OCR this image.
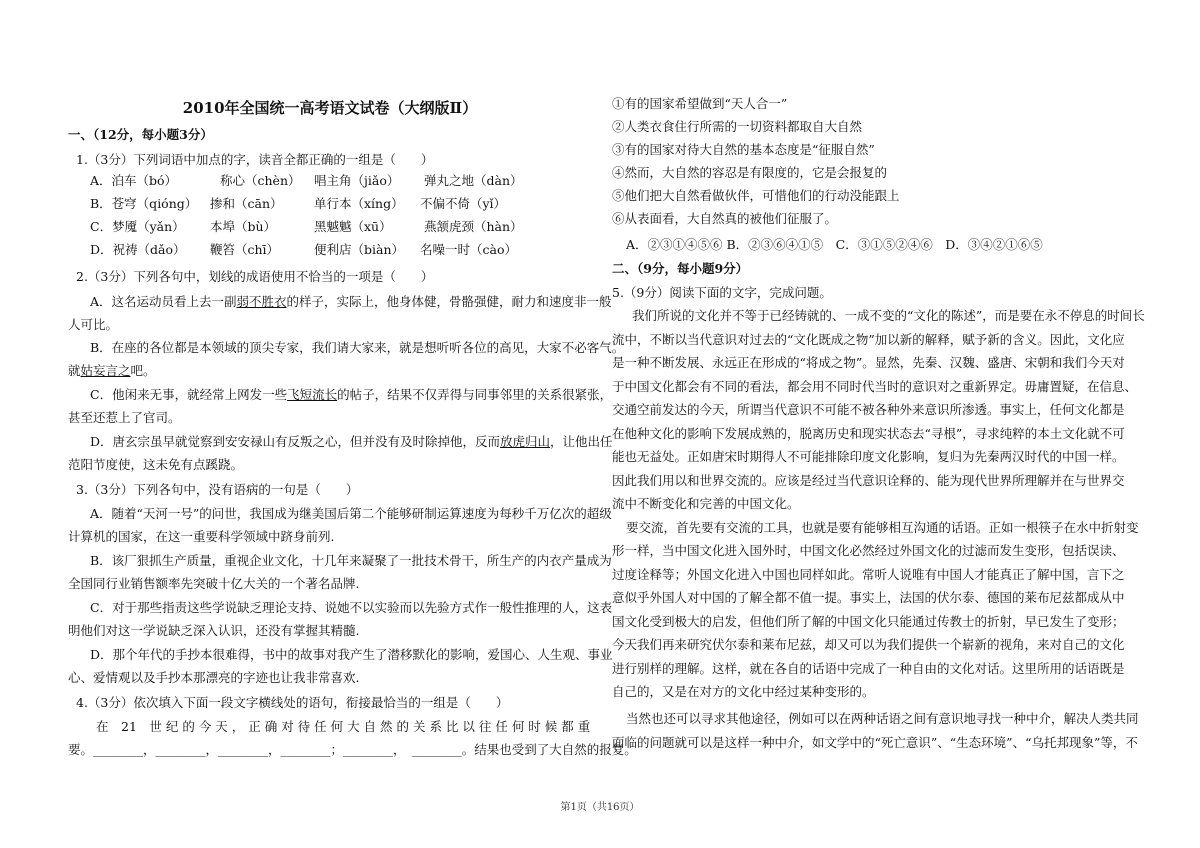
2010年全国统一高考语文试卷（大纲版Ⅱ）
一、（12分，每小题3分）
1.（3分）下列词语中加点的字，读音全都正确的一组是（　　）
A．泊车（bó）	称心（chèn） 唱主角（jiǎo） 弹丸之地（dàn）
B．苍穹（qióng） 掺和（cān）	单行本（xíng） 不偏不倚（yǐ）
C．梦魇（yǎn） 本埠（bù）	黑魆魆（xū）	燕颔虎颈（hàn）
D．祝祷（dǎo） 鞭笞（chī）	便利店（biàn） 名噪一时（cào）
2.（3分）下列各句中，划线的成语使用不恰当的一项是（　　）
A．这名运动员看上去一副弱不胜衣的样子，实际上，他身体健，骨骼强健，耐力和速度非一般
人可比。
B．在座的各位都是本领域的顶尖专家，我们请大家来，就是想听听各位的高见，大家不必客气。
就姑妄言之吧。
C．他闲来无事，就经常上网发一些飞短流长的帖子，结果不仅弄得与同事邻里的关系很紧张，
甚至还惹上了官司。
D．唐玄宗虽早就觉察到安安禄山有反叛之心，但并没有及时除掉他，反而放虎归山，让他出任
范阳节度使，这未免有点蹊跷。
3.（3分）下列各句中，没有语病的一句是（　　）
A．随着“天河一号”的问世，我国成为继美国后第二个能够研制运算速度为每秒千万亿次的超级
计算机的国家，在这一重要科学领域中跻身前列.
B．该厂狠抓生产质量，重视企业文化，十几年来凝聚了一批技术骨干，所生产的内衣产量成为
全国同行业销售额率先突破十亿大关的一个著名品牌.
C．对于那些指责这些学说缺乏理论支持、说她不以实验而以先验方式作一般性推理的人，这表
明他们对这一学说缺乏深入认识，还没有掌握其精髓.
D．那个年代的手抄本很难得，书中的故事对我产生了潜移默化的影响，爱国心、人生观、事业
心、爱情观以及手抄本那漂亮的字迹也让我非常喜欢.
4.（3分）依次填入下面一段文字横线处的语句，衔接最恰当的一组是（　　）
在　21　世 纪 的 今 天 ， 正 确 对 待 任 何 大 自 然 的 关 系 比 以 往 任 何 时 候 都 重
要。________，________，________，________；________，　________。结果也受到了大自然的报复。
①有的国家希望做到“天人合一”
②人类衣食住行所需的一切资料都取自大自然
③有的国家对待大自然的基本态度是“征服自然”
④然而，大自然的容忍是有限度的，它是会报复的
⑤他们把大自然看做伙伴，可惜他们的行动没能跟上
⑥从表面看，大自然真的被他们征服了。
A．②③①④⑤⑥ B．②③⑥④①⑤　C．③①⑤②④⑥　D．③④②①⑥⑤
二、（9分，每小题9分）
5.（9分）阅读下面的文字，完成问题。
我们所说的文化并不等于已经铸就的、一成不变的“文化的陈述”，而是要在永不停息的时间长
流中，不断以当代意识对过去的“文化既成之物”加以新的解释，赋予新的含义。因此，文化应
是一种不断发展、永远正在形成的“将成之物”。显然，先秦、汉魏、盛唐、宋朝和我们今天对
于中国文化都会有不同的看法，都会用不同时代当时的意识对之重新界定。毋庸置疑，在信息、
交通空前发达的今天，所谓当代意识不可能不被各种外来意识所渗透。事实上，任何文化都是
在他种文化的影响下发展成熟的，脱离历史和现实状态去“寻根”，寻求纯粹的本土文化就不可
能也无益处。正如唐宋时期得人不可能排除印度文化影响，复归为先秦两汉时代的中国一样。
因此我们用以和世界交流的。应该是经过当代意识诠释的、能为现代世界所理解并在与世界交
流中不断变化和完善的中国文化。
要交流，首先要有交流的工具，也就是要有能够相互沟通的话语。正如一根筷子在水中折射变
形一样，当中国文化进入国外时，中国文化必然经过外国文化的过滤而发生变形，包括误读、
过度诠释等；外国文化进入中国也同样如此。常听人说唯有中国人才能真正了解中国，言下之
意似乎外国人对中国的了解全都不值一提。事实上，法国的伏尔泰、德国的莱布尼兹都成从中
国文化受到极大的启发，但他们所了解的中国文化只能通过传教士的折射，早已发生了变形；
今天我们再来研究伏尔泰和莱布尼兹，却又可以为我们提供一个崭新的视角，来对自己的文化
进行别样的理解。这样，就在各自的话语中完成了一种自由的文化对话。这里所用的话语既是
自己的，又是在对方的文化中经过某种变形的。
当然也还可以寻求其他途径，例如可以在两种话语之间有意识地寻找一种中介，解决人类共同
面临的问题就可以是这样一种中介，如文学中的“死亡意识”、“生态环境”、“乌托邦现象”等，不
第1页（共16页）
